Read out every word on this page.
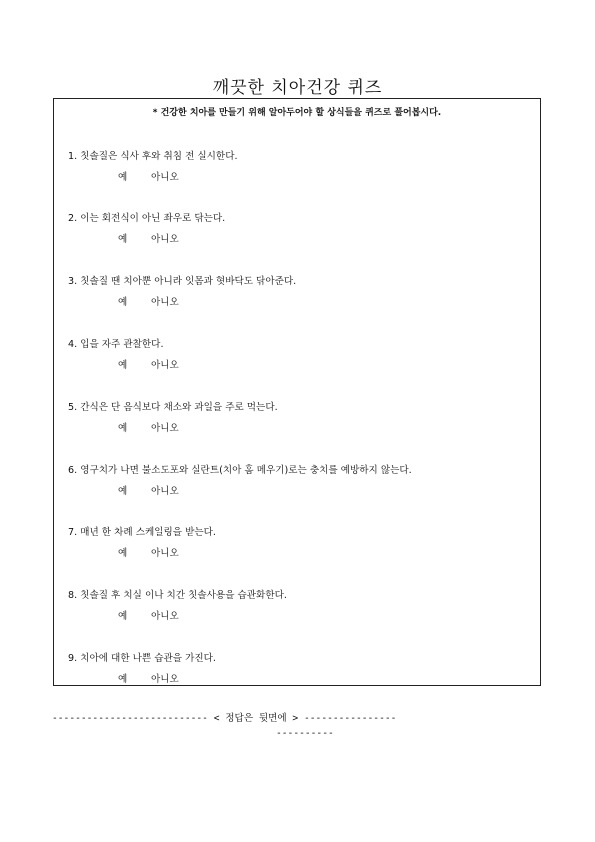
깨끗한 치아건강 퀴즈
* 건강한 치아를 만들기 위해 알아두어야 할 상식들을 퀴즈로 풀어봅시다.
1. 칫솔질은 식사 후와 취침 전 실시한다.
예 아니오
2. 이는 회전식이 아닌 좌우로 닦는다.
예 아니오
3. 칫솔질 땐 치아뿐 아니라 잇몸과 혓바닥도 닦아준다.
예 아니오
4. 입을 자주 관찰한다.
예 아니오
5. 간식은 단 음식보다 채소와 과일을 주로 먹는다.
예 아니오
6. 영구치가 나면 불소도포와 실란트(치아 홈 메우기)로는 충치를 예방하지 않는다.
예 아니오
7. 매년 한 차례 스케일링을 받는다.
예 아니오
8. 칫솔질 후 치실 이나 치간 칫솔사용을 습관화한다.
예 아니오
9. 치아에 대한 나쁜 습관을 가진다.
예 아니오
--------------------------- < 정답은 뒷면에 > ----------------
----------
